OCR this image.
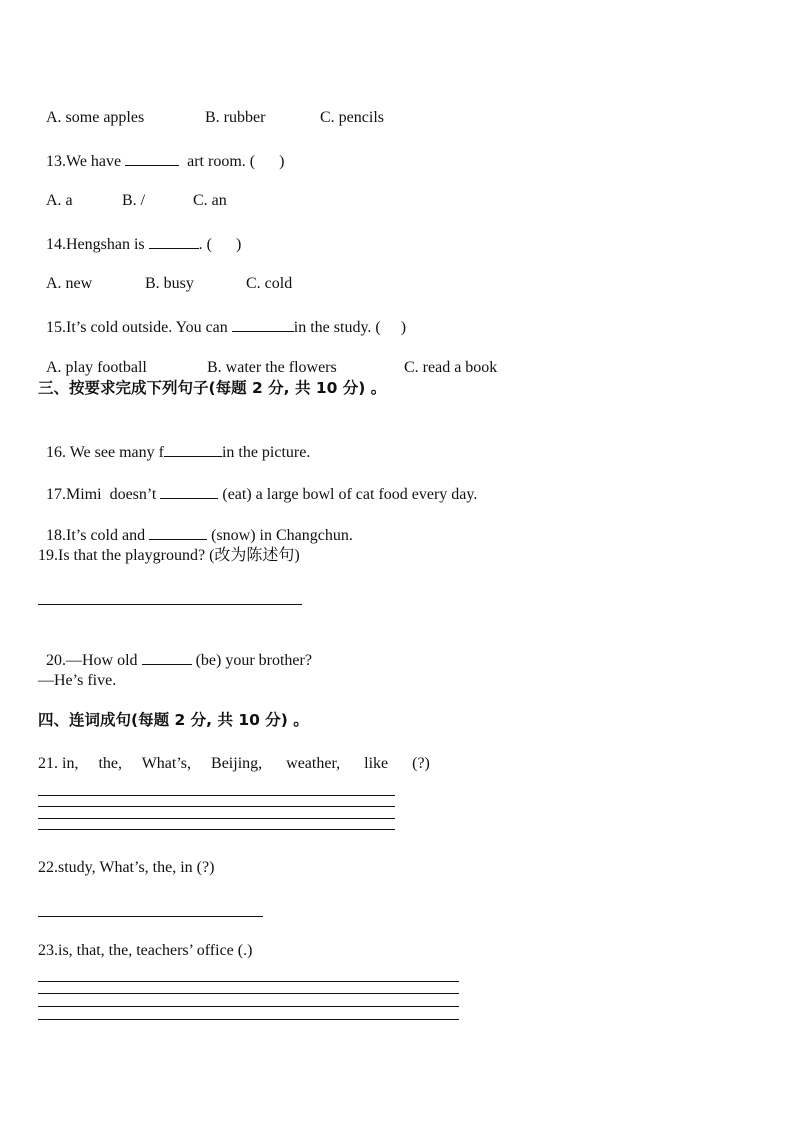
A. some apples	B. rubber	C. pencils

13.We have	art room. (      )

A. a	B. /	C. an

14.Hengshan is	. (      )

A. new	B. busy	C. cold

15.It’s cold outside. You can	in the study. (     )

A. play football	B. water the flowers	C. read a book

三、按要求完成下列句子(每题 2 分, 共 10 分) 。

16. We see many f	in the picture.

17.Mimi  doesn’t	(eat) a large bowl of cat food every day.

18.It’s cold and	(snow) in Changchun.

19.Is that the playground? (改为陈述句)

20.—How old	(be) your brother?

—He’s five.
四、连词成句(每题 2 分, 共 10 分) 。
21. in,     the,     What’s,     Beijing,      weather,      like      (?)
22.study, What’s, the, in (?)
23.is, that, the, teachers’ office (.)
